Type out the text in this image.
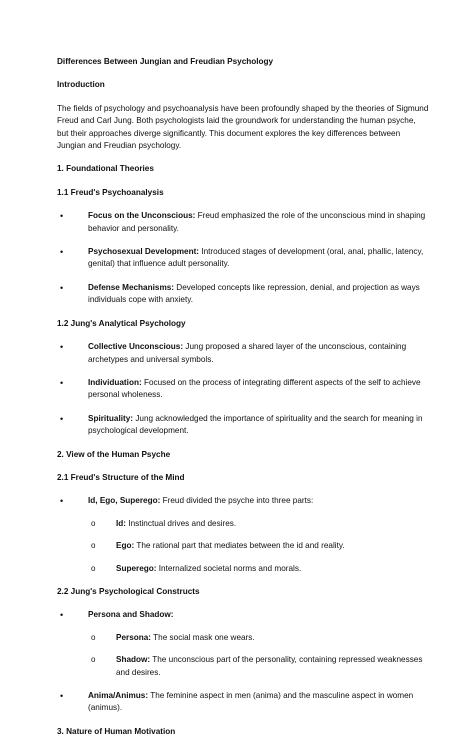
Differences Between Jungian and Freudian Psychology

Introduction

The fields of psychology and psychoanalysis have been profoundly shaped by the theories of Sigmund Freud and Carl Jung. Both psychologists laid the groundwork for understanding the human psyche, but their approaches diverge significantly. This document explores the key differences between Jungian and Freudian psychology.

1. Foundational Theories

1.1 Freud's Psychoanalysis

•	Focus on the Unconscious: Freud emphasized the role of the unconscious mind in shaping behavior and personality.
•	Psychosexual Development: Introduced stages of development (oral, anal, phallic, latency, genital) that influence adult personality.
•	Defense Mechanisms: Developed concepts like repression, denial, and projection as ways individuals cope with anxiety.

1.2 Jung's Analytical Psychology

•	Collective Unconscious: Jung proposed a shared layer of the unconscious, containing archetypes and universal symbols.
•	Individuation: Focused on the process of integrating different aspects of the self to achieve personal wholeness.
•	Spirituality: Jung acknowledged the importance of spirituality and the search for meaning in psychological development.

2. View of the Human Psyche

2.1 Freud's Structure of the Mind

•	Id, Ego, Superego: Freud divided the psyche into three parts:
o	Id: Instinctual drives and desires.
o	Ego: The rational part that mediates between the id and reality.
o	Superego: Internalized societal norms and morals.

2.2 Jung's Psychological Constructs

•	Persona and Shadow:
o	Persona: The social mask one wears.
o	Shadow: The unconscious part of the personality, containing repressed weaknesses and desires.
•	Anima/Animus: The feminine aspect in men (anima) and the masculine aspect in women (animus).

3. Nature of Human Motivation
